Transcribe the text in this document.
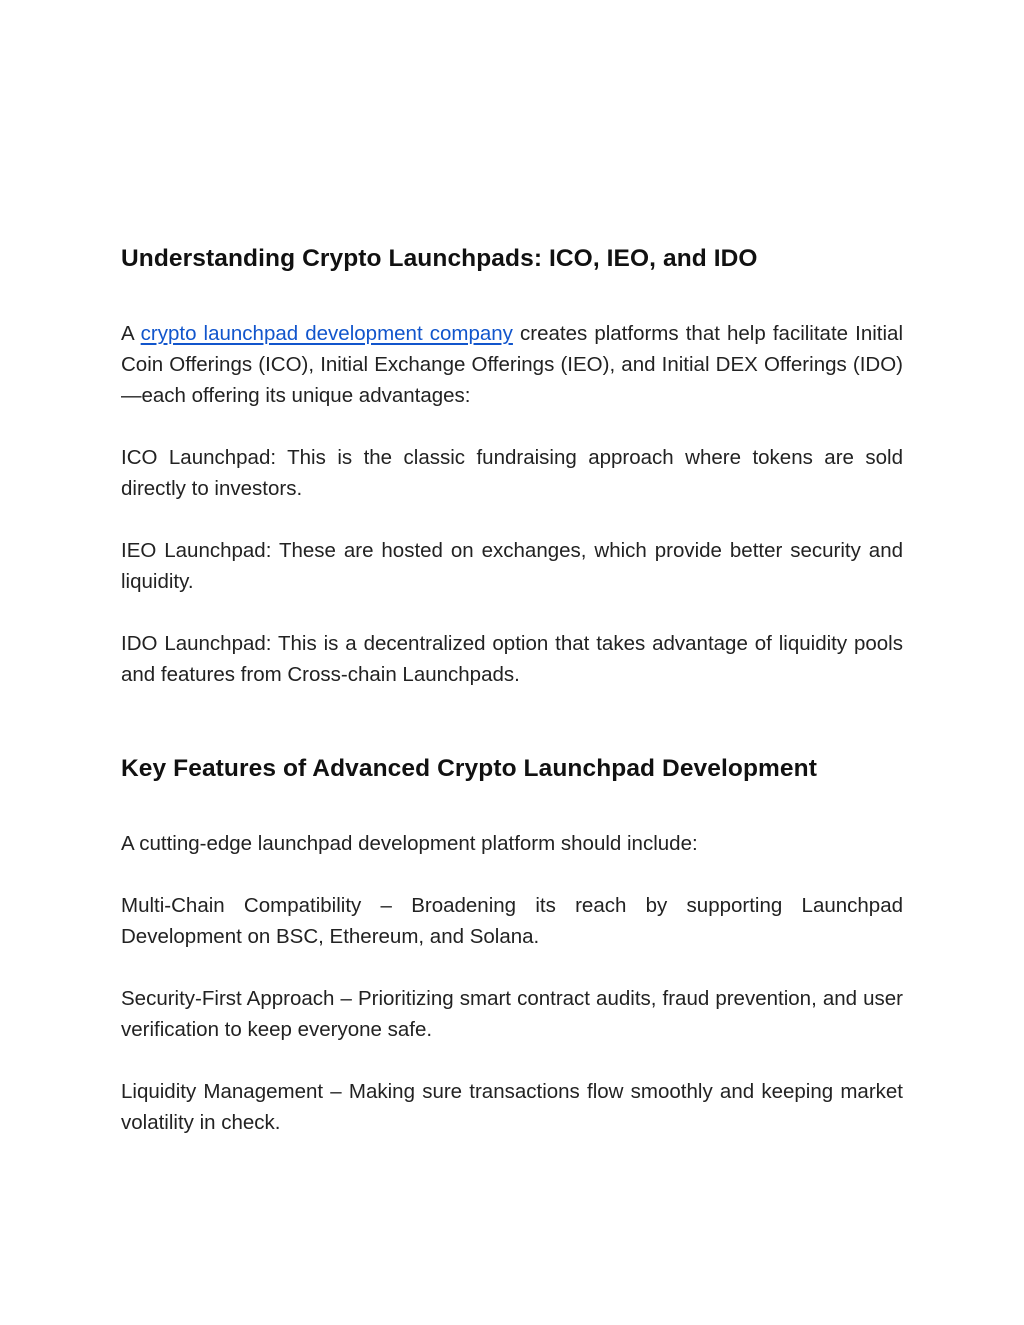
Understanding Crypto Launchpads: ICO, IEO, and IDO

A crypto launchpad development company creates platforms that help facilitate Initial Coin Offerings (ICO), Initial Exchange Offerings (IEO), and Initial DEX Offerings (IDO)—each offering its unique advantages:

ICO Launchpad: This is the classic fundraising approach where tokens are sold directly to investors.

IEO Launchpad: These are hosted on exchanges, which provide better security and liquidity.

IDO Launchpad: This is a decentralized option that takes advantage of liquidity pools and features from Cross-chain Launchpads.

Key Features of Advanced Crypto Launchpad Development

A cutting-edge launchpad development platform should include:

Multi-Chain Compatibility – Broadening its reach by supporting Launchpad Development on BSC, Ethereum, and Solana.

Security-First Approach – Prioritizing smart contract audits, fraud prevention, and user verification to keep everyone safe.

Liquidity Management – Making sure transactions flow smoothly and keeping market volatility in check.
